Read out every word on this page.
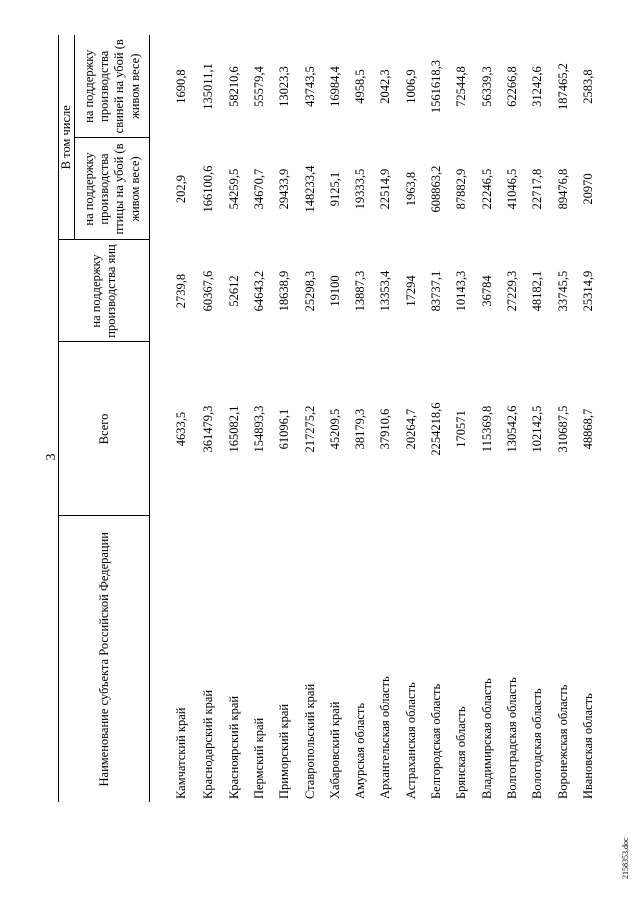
3
Наименование субъекта Российской Федерации	Всего	на поддержку производства яиц	В том числе	
			на поддержку производства птицы на убой (в живом весе)	на поддержку производства свиней на убой (в живом весе)
Камчатский край	4633,5	2739,8	202,9	1690,8
Краснодарский край	361479,3	60367,6	166100,6	135011,1
Красноярский край	165082,1	52612	54259,5	58210,6
Пермский край	154893,3	64643,2	34670,7	55579,4
Приморский край	61096,1	18638,9	29433,9	13023,3
Ставропольский край	217275,2	25298,3	148233,4	43743,5
Хабаровский край	45209,5	19100	9125,1	16984,4
Амурская область	38179,3	13887,3	19333,5	4958,5
Архангельская область	37910,6	13353,4	22514,9	2042,3
Астраханская область	20264,7	17294	1963,8	1006,9
Белгородская область	2254218,6	83737,1	608863,2	1561618,3
Брянская область	170571	10143,3	87882,9	72544,8
Владимирская область	115369,8	36784	22246,5	56339,3
Волгоградская область	130542,6	27229,3	41046,5	62266,8
Вологодская область	102142,5	48182,1	22717,8	31242,6
Воронежская область	310687,5	33745,5	89476,8	187465,2
Ивановская область	48868,7	25314,9	20970	2583,8
2158353.doc
